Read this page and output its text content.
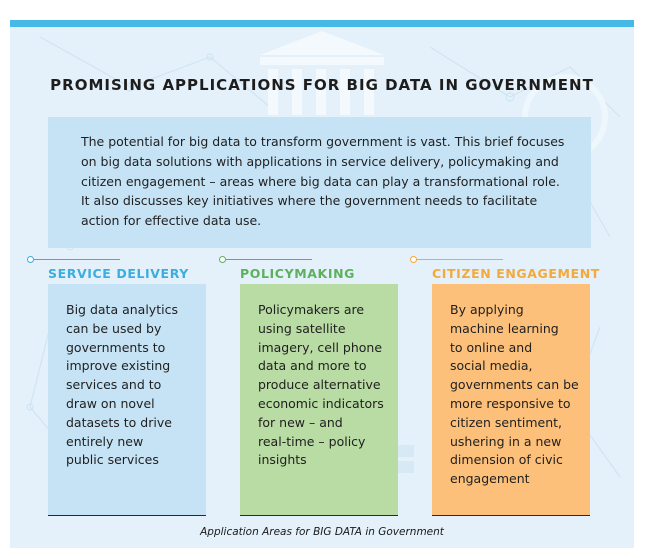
PROMISING APPLICATIONS FOR BIG DATA IN GOVERNMENT
The potential for big data to transform government is vast. This brief focuses
on big data solutions with applications in service delivery, policymaking and
citizen engagement – areas where big data can play a transformational role.
It also discusses key initiatives where the government needs to facilitate
action for effective data use.
SERVICE DELIVERY
Big data analytics
can be used by
governments to
improve existing
services and to
draw on novel
datasets to drive
entirely new
public services
POLICYMAKING
Policymakers are
using satellite
imagery, cell phone
data and more to
produce alternative
economic indicators
for new – and
real-time – policy
insights
CITIZEN ENGAGEMENT
By applying
machine learning
to online and
social media,
governments can be
more responsive to
citizen sentiment,
ushering in a new
dimension of civic
engagement
Application Areas for BIG DATA in Government
